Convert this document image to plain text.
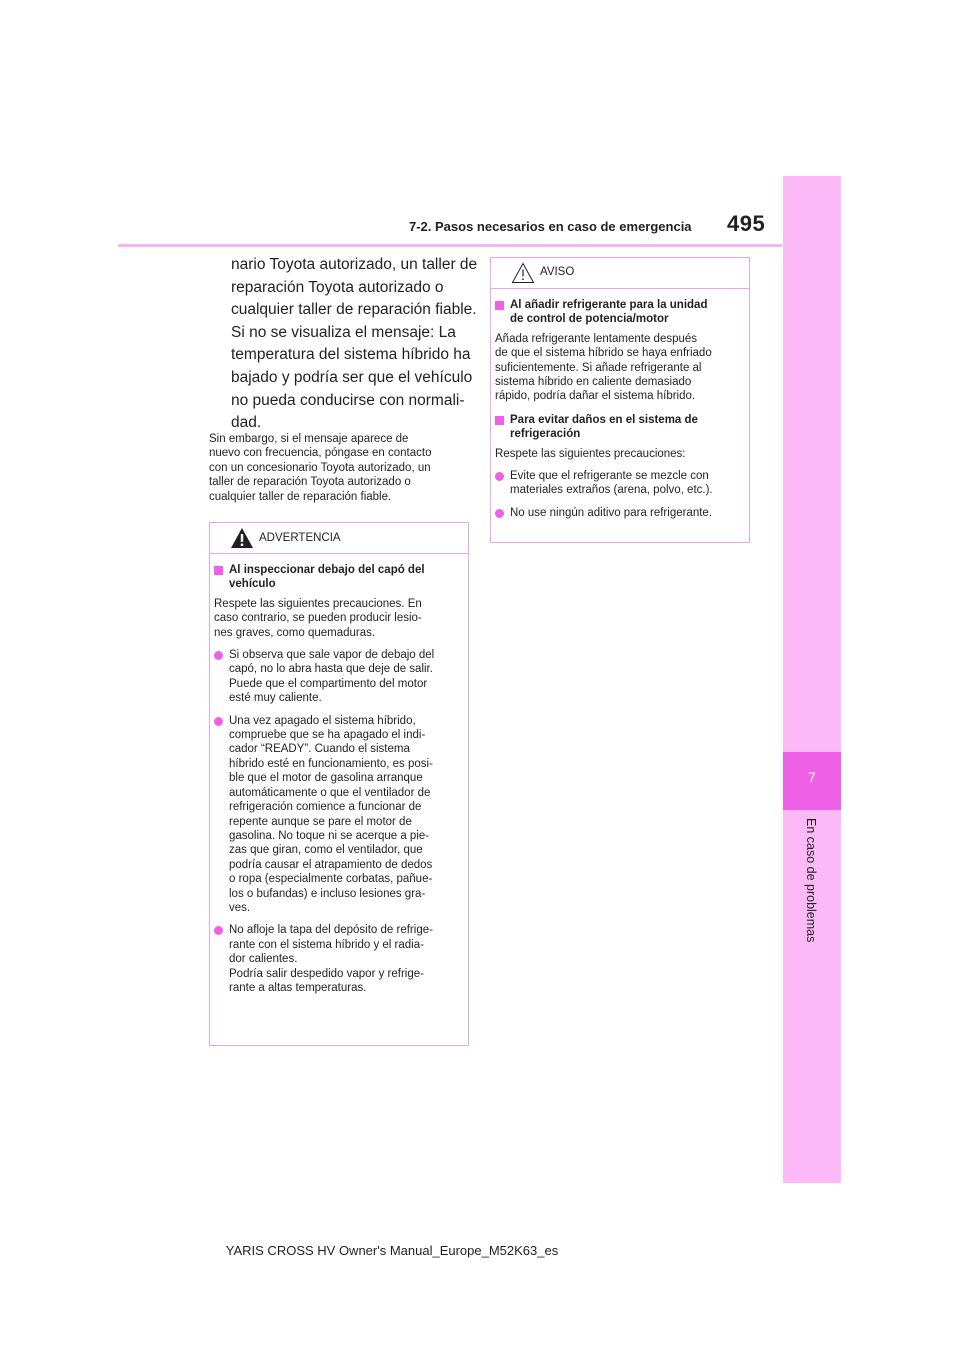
7-2. Pasos necesarios en caso de emergencia 495
7
En caso de problemas
nario Toyota autorizado, un taller de
reparación Toyota autorizado o
cualquier taller de reparación fiable.
Si no se visualiza el mensaje: La
temperatura del sistema híbrido ha
bajado y podría ser que el vehículo
no pueda conducirse con normali-
dad.
Sin embargo, si el mensaje aparece de
nuevo con frecuencia, póngase en contacto
con un concesionario Toyota autorizado, un
taller de reparación Toyota autorizado o
cualquier taller de reparación fiable.
ADVERTENCIA
Al inspeccionar debajo del capó del
vehículo
Respete las siguientes precauciones. En
caso contrario, se pueden producir lesio-
nes graves, como quemaduras.
Si observa que sale vapor de debajo del
capó, no lo abra hasta que deje de salir.
Puede que el compartimento del motor
esté muy caliente.
Una vez apagado el sistema híbrido,
compruebe que se ha apagado el indi-
cador “READY”. Cuando el sistema
híbrido esté en funcionamiento, es posi-
ble que el motor de gasolina arranque
automáticamente o que el ventilador de
refrigeración comience a funcionar de
repente aunque se pare el motor de
gasolina. No toque ni se acerque a pie-
zas que giran, como el ventilador, que
podría causar el atrapamiento de dedos
o ropa (especialmente corbatas, pañue-
los o bufandas) e incluso lesiones gra-
ves.
No afloje la tapa del depósito de refrige-
rante con el sistema híbrido y el radia-
dor calientes.
Podría salir despedido vapor y refrige-
rante a altas temperaturas.
AVISO
Al añadir refrigerante para la unidad
de control de potencia/motor
Añada refrigerante lentamente después
de que el sistema híbrido se haya enfriado
suficientemente. Si añade refrigerante al
sistema híbrido en caliente demasiado
rápido, podría dañar el sistema híbrido.
Para evitar daños en el sistema de
refrigeración
Respete las siguientes precauciones:
Evite que el refrigerante se mezcle con
materiales extraños (arena, polvo, etc.).
No use ningún aditivo para refrigerante.
YARIS CROSS HV Owner's Manual_Europe_M52K63_es
